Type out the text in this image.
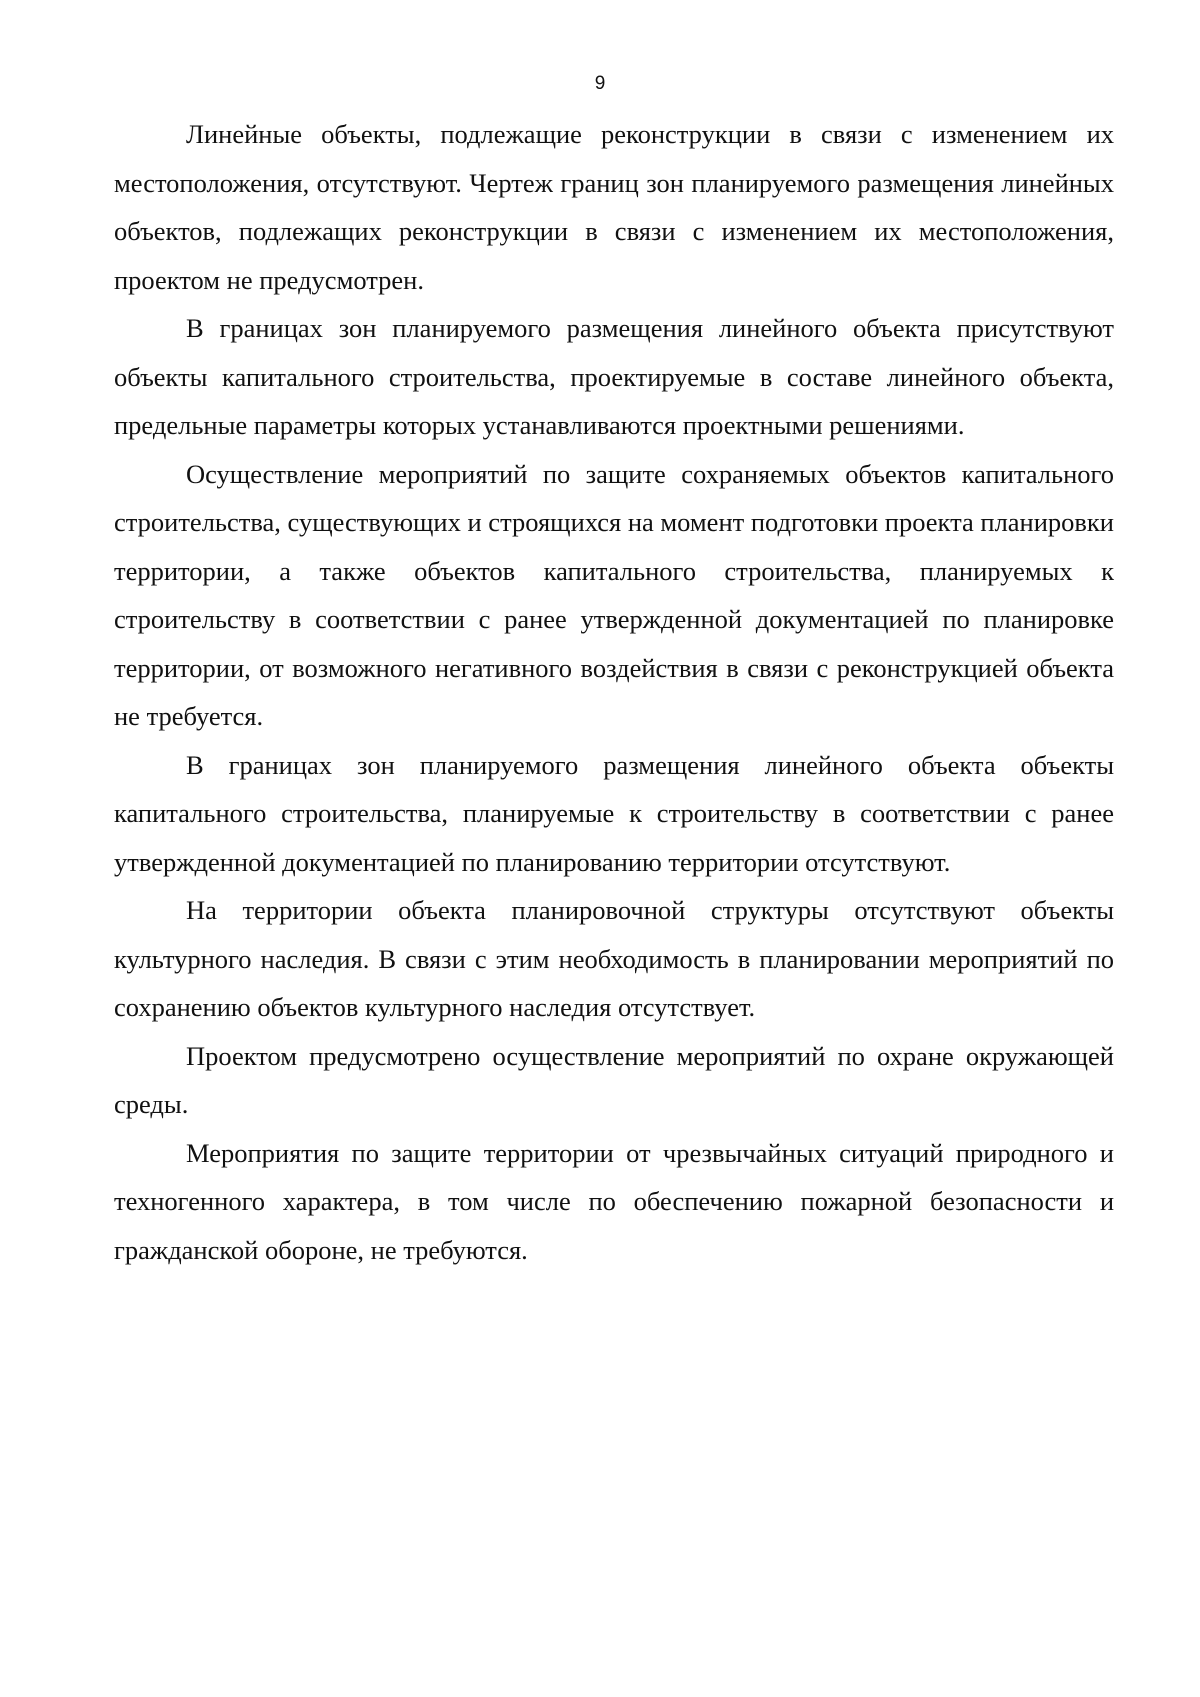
9

Линейные объекты, подлежащие реконструкции в связи с изменением их местоположения, отсутствуют. Чертеж границ зон планируемого размещения линейных объектов, подлежащих реконструкции в связи с изменением их местоположения, проектом не предусмотрен.

В границах зон планируемого размещения линейного объекта присутствуют объекты капитального строительства, проектируемые в составе линейного объекта, предельные параметры которых устанавливаются проектными решениями.

Осуществление мероприятий по защите сохраняемых объектов капитального строительства, существующих и строящихся на момент подготовки проекта планировки территории, а также объектов капитального строительства, планируемых к строительству в соответствии с ранее утвержденной документацией по планировке территории, от возможного негативного воздействия в связи с реконструкцией объекта не требуется.

В границах зон планируемого размещения линейного объекта объекты капитального строительства, планируемые к строительству в соответствии с ранее утвержденной документацией по планированию территории отсутствуют.

На территории объекта планировочной структуры отсутствуют объекты культурного наследия. В связи с этим необходимость в планировании мероприятий по сохранению объектов культурного наследия отсутствует.

Проектом предусмотрено осуществление мероприятий по охране окружающей среды.

Мероприятия по защите территории от чрезвычайных ситуаций природного и техногенного характера, в том числе по обеспечению пожарной безопасности и гражданской обороне, не требуются.
